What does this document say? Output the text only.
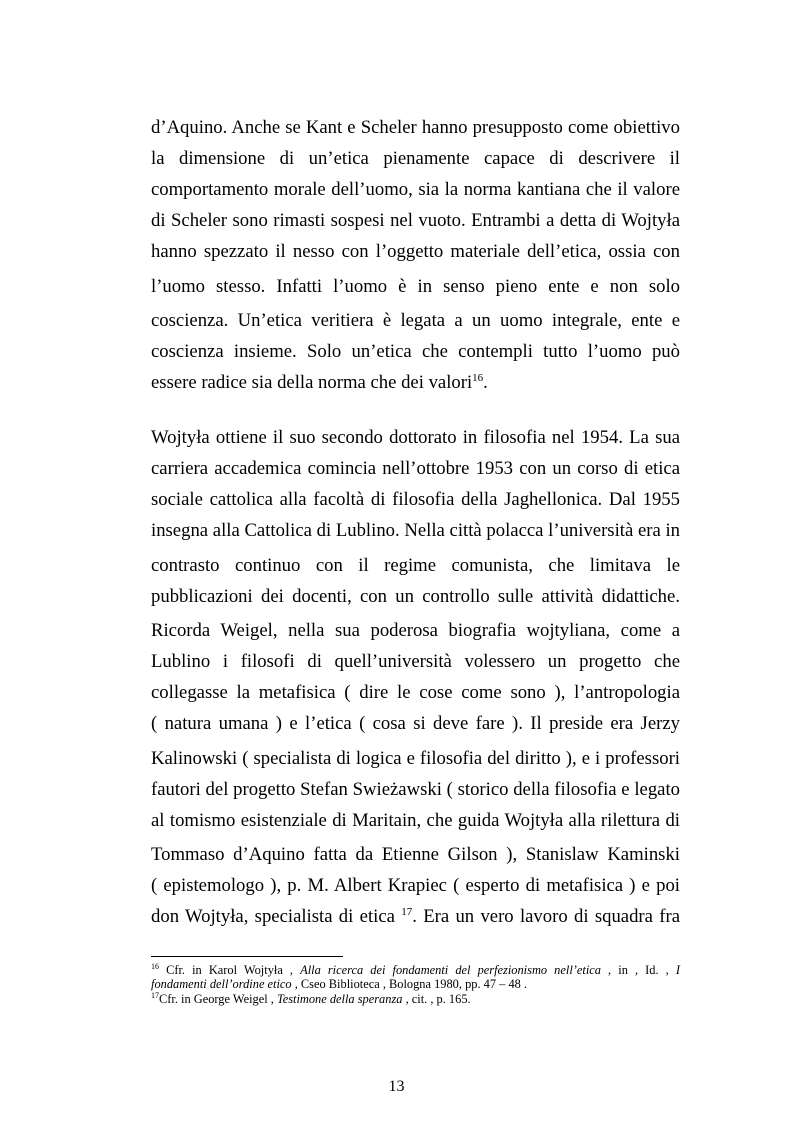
d’Aquino. Anche se Kant e Scheler hanno presupposto come obiettivo
la dimensione di un’etica pienamente capace di descrivere il
comportamento morale dell’uomo, sia la norma kantiana che il valore
di Scheler sono rimasti sospesi nel vuoto. Entrambi a detta di Wojtyła
hanno spezzato il nesso con l’oggetto materiale dell’etica, ossia con
l’uomo stesso. Infatti l’uomo è in senso pieno ente e non solo
coscienza. Un’etica veritiera è legata a un uomo integrale, ente e
coscienza insieme. Solo un’etica che contempli tutto l’uomo può
essere radice sia della norma che dei valori$^{16}$.
Wojtyła ottiene il suo secondo dottorato in filosofia nel 1954. La sua
carriera accademica comincia nell’ottobre 1953 con un corso di etica
sociale cattolica alla facoltà di filosofia della Jaghellonica. Dal 1955
insegna alla Cattolica di Lublino. Nella città polacca l’università era in
contrasto continuo con il regime comunista, che limitava le
pubblicazioni dei docenti, con un controllo sulle attività didattiche.
Ricorda Weigel, nella sua poderosa biografia wojtyliana, come a
Lublino i filosofi di quell’università volessero un progetto che
collegasse la metafisica ( dire le cose come sono ), l’antropologia
( natura umana ) e l’etica ( cosa si deve fare ). Il preside era Jerzy
Kalinowski ( specialista di logica e filosofia del diritto ), e i professori
fautori del progetto Stefan Swieżawski ( storico della filosofia e legato
al tomismo esistenziale di Maritain, che guida Wojtyła alla rilettura di
Tommaso d’Aquino fatta da Etienne Gilson ), Stanislaw Kaminski
( epistemologo ), p. M. Albert Krapiec ( esperto di metafisica ) e poi
don Wojtyła, specialista di etica $^{17}$. Era un vero lavoro di squadra fra
$^{16}$ Cfr. in Karol Wojtyła , Alla ricerca dei fondamenti del perfezionismo nell’etica , in , Id. , I
fondamenti dell’ordine etico , Cseo Biblioteca , Bologna 1980, pp. 47 – 48 .
$^{17}$Cfr. in George Weigel , Testimone della speranza , cit. , p. 165.
13
